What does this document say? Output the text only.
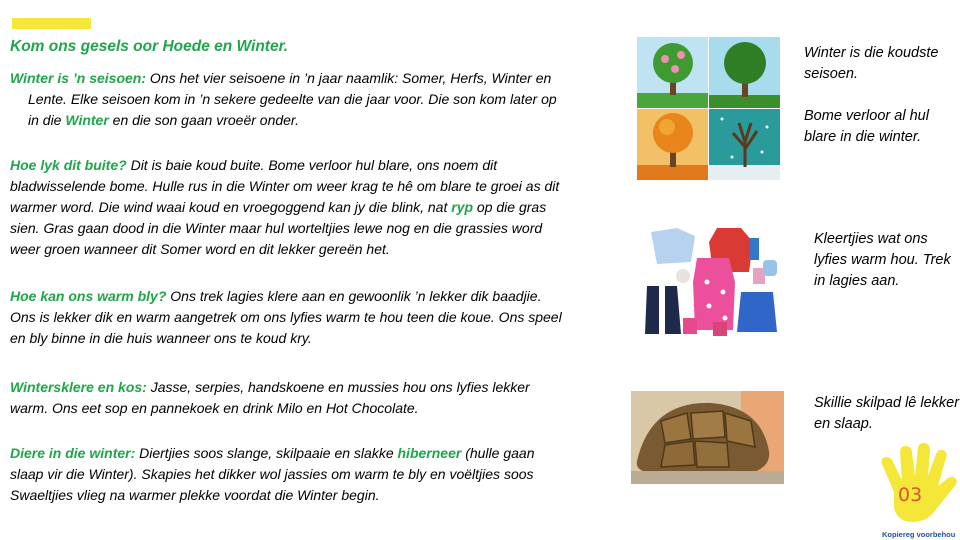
Kom ons gesels oor Hoede en Winter.
Winter is ’n seisoen: Ons het vier seisoene in ’n jaar naamlik: Somer, Herfs, Winter en Lente. Elke seisoen kom in ’n sekere gedeelte van die jaar voor. Die son kom later op in die Winter en die son gaan vroeër onder.
Hoe lyk dit buite? Dit is baie koud buite. Bome verloor hul blare, ons noem dit bladwisselende bome. Hulle rus in die Winter om weer krag te hê om blare te groei as dit warmer word. Die wind waai koud en vroegoggend kan jy die blink, nat ryp op die gras sien. Gras gaan dood in die Winter maar hul worteltjies lewe nog en die grassies word weer groen wanneer dit Somer word en dit lekker gereën het.
Hoe kan ons warm bly? Ons trek lagies klere aan en gewoonlik ’n lekker dik baadjie. Ons is lekker dik en warm aangetrek om ons lyfies warm te hou teen die koue. Ons speel en bly binne in die huis wanneer ons te koud kry.
Wintersklere en kos: Jasse, serpies, handskoene en mussies hou ons lyfies lekker warm. Ons eet sop en pannekoek en drink Milo en Hot Chocolate.
Diere in die winter: Diertjies soos slange, skilpaaie en slakke hiberneer (hulle gaan slaap vir die Winter). Skapies het dikker wol jassies om warm te bly en voëltjies soos Swaeltjies vlieg na warmer plekke voordat die Winter begin.
Winter is die koudste seisoen.
Bome verloor al hul blare in die winter.
Kleertjies wat ons lyfies warm hou. Trek in lagies aan.
Skillie skilpad lê lekker en slaap.
03
Kopiereg voorbehou
